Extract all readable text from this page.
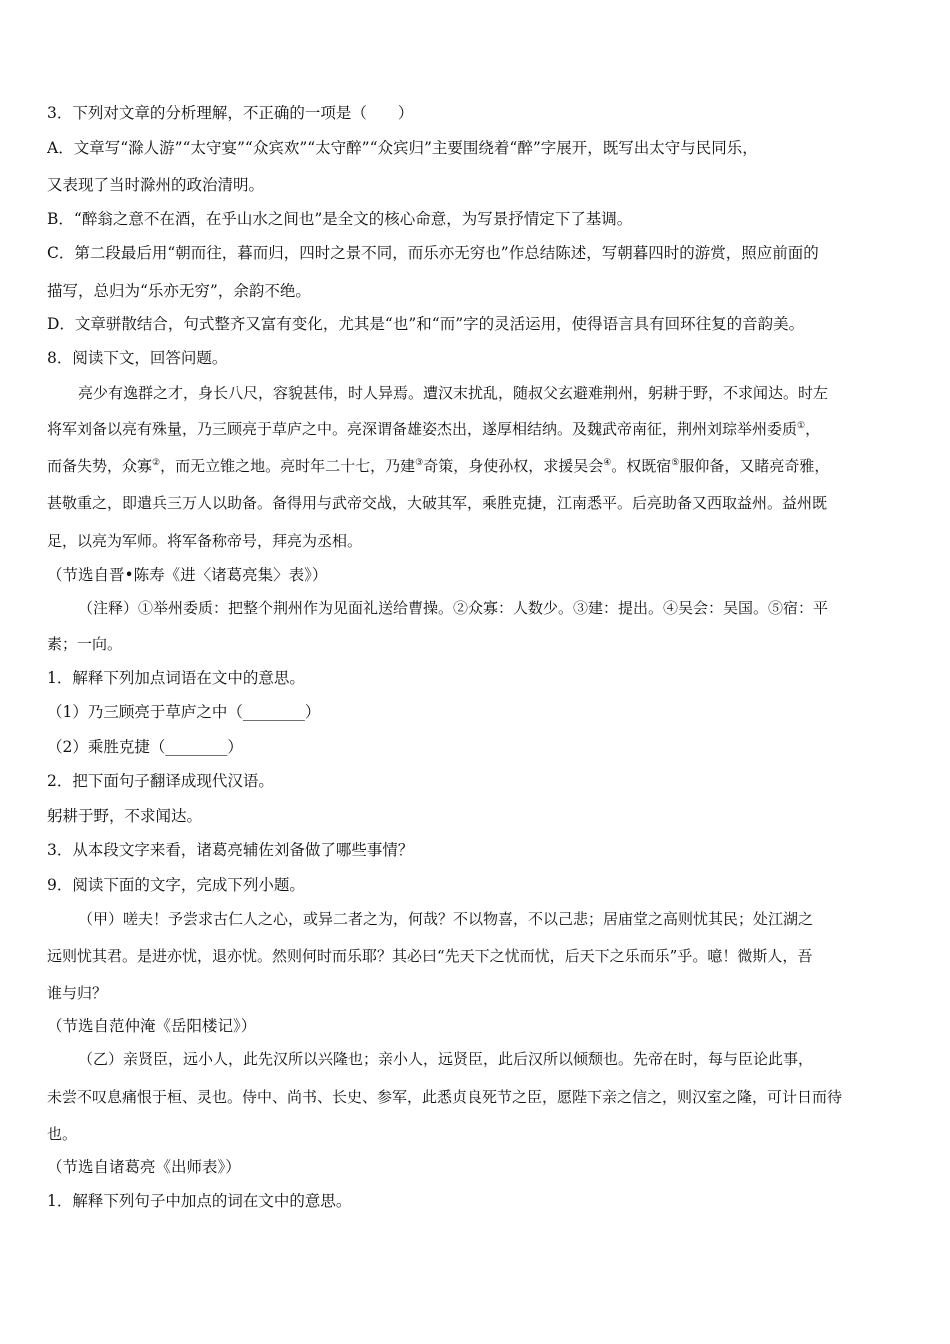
3．下列对文章的分析理解，不正确的一项是（　　）
A．文章写“滁人游”“太守宴”“众宾欢”“太守醉”“众宾归”主要围绕着“醉”字展开，既写出太守与民同乐，
又表现了当时滁州的政治清明。
B．“醉翁之意不在酒，在乎山水之间也”是全文的核心命意，为写景抒情定下了基调。
C．第二段最后用“朝而往，暮而归，四时之景不同，而乐亦无穷也”作总结陈述，写朝暮四时的游赏，照应前面的
描写，总归为“乐亦无穷”，余韵不绝。
D．文章骈散结合，句式整齐又富有变化，尤其是“也”和“而”字的灵活运用，使得语言具有回环往复的音韵美。
8．阅读下文，回答问题。
亮少有逸群之才，身长八尺，容貌甚伟，时人异焉。遭汉末扰乱，随叔父玄避难荆州，躬耕于野，不求闻达。时左
将军刘备以亮有殊量，乃三顾亮于草庐之中。亮深谓备雄姿杰出，遂厚相结纳。及魏武帝南征，荆州刘琮举州委质①，
而备失势，众寡②，而无立锥之地。亮时年二十七，乃建③奇策，身使孙权，求援吴会④。权既宿⑤服仰备，又睹亮奇雅，
甚敬重之，即遣兵三万人以助备。备得用与武帝交战，大破其军，乘胜克捷，江南悉平。后亮助备又西取益州。益州既
足，以亮为军师。将军备称帝号，拜亮为丞相。
（节选自晋•陈寿《进〈诸葛亮集〉表》）
（注释）①举州委质：把整个荆州作为见面礼送给曹操。②众寡：人数少。③建：提出。④吴会：吴国。⑤宿：平
素；一向。
1．解释下列加点词语在文中的意思。
（1）乃三顾亮于草庐之中（________）
（2）乘胜克捷（________）
2．把下面句子翻译成现代汉语。
躬耕于野，不求闻达。
3．从本段文字来看，诸葛亮辅佐刘备做了哪些事情？
9．阅读下面的文字，完成下列小题。
（甲）嗟夫！予尝求古仁人之心，或异二者之为，何哉？不以物喜，不以己悲；居庙堂之高则忧其民；处江湖之
远则忧其君。是进亦忧，退亦忧。然则何时而乐耶？其必曰“先天下之忧而忧，后天下之乐而乐”乎。噫！微斯人，吾
谁与归？
（节选自范仲淹《岳阳楼记》）
（乙）亲贤臣，远小人，此先汉所以兴隆也；亲小人，远贤臣，此后汉所以倾颓也。先帝在时，每与臣论此事，
未尝不叹息痛恨于桓、灵也。侍中、尚书、长史、参军，此悉贞良死节之臣，愿陛下亲之信之，则汉室之隆，可计日而待
也。
（节选自诸葛亮《出师表》）
1．解释下列句子中加点的词在文中的意思。
